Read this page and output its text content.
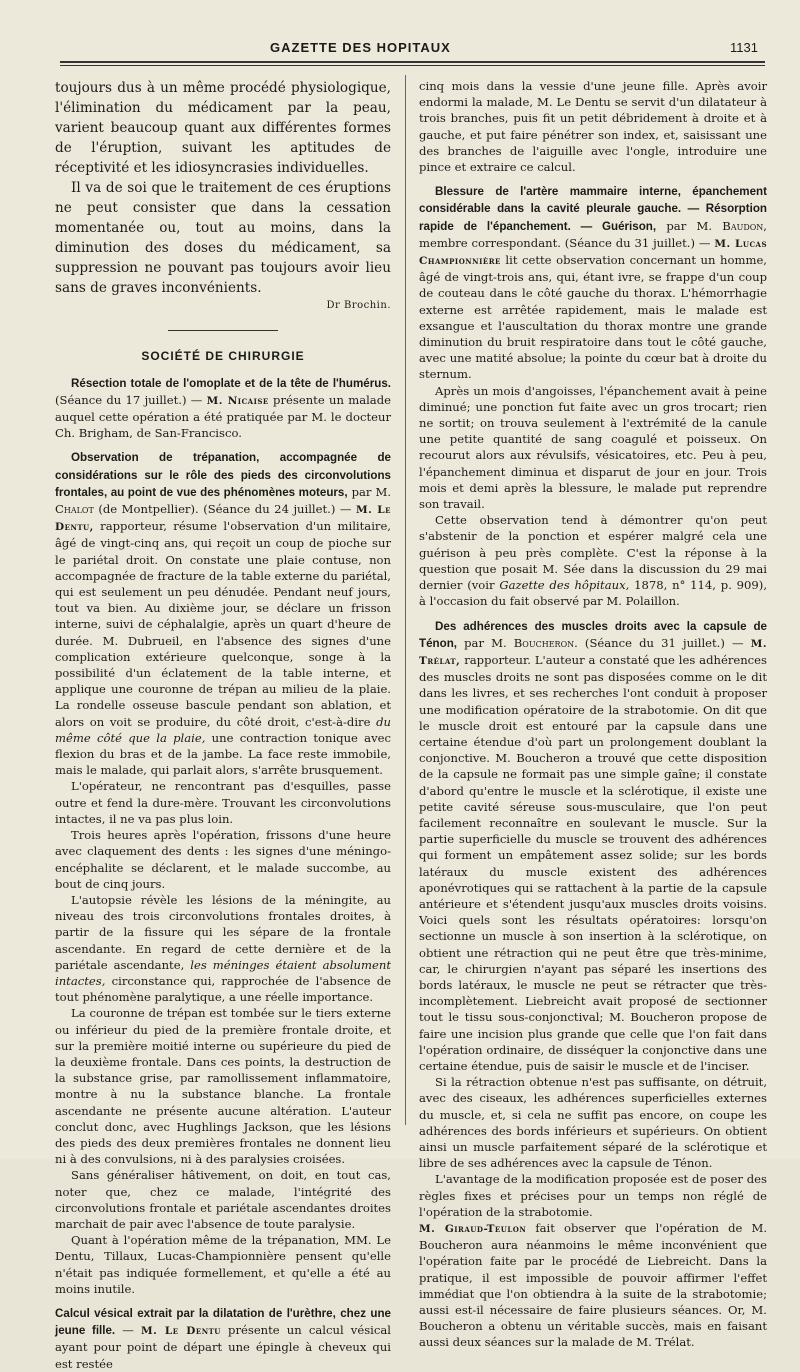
GAZETTE DES HOPITAUX	1131

toujours dus à un même procédé physiologique, l'élimination du médicament par la peau, varient beaucoup quant aux différentes formes de l'éruption, suivant les aptitudes de réceptivité et les idiosyncrasies individuelles.

Il va de soi que le traitement de ces éruptions ne peut consister que dans la cessation momentanée ou, tout au moins, dans la diminution des doses du médicament, sa suppression ne pouvant pas toujours avoir lieu sans de graves inconvénients.

Dr Brochin.
SOCIÉTÉ DE CHIRURGIE

Résection totale de l'omoplate et de la tête de l'humérus. (Séance du 17 juillet.) — M. Nicaise présente un malade auquel cette opération a été pratiquée par M. le docteur Ch. Brigham, de San-Francisco.

Observation de trépanation, accompagnée de considérations sur le rôle des pieds des circonvolutions frontales, au point de vue des phénomènes moteurs, par M. Chalot (de Montpellier). (Séance du 24 juillet.) — M. Le Dentu, rapporteur, résume l'observation d'un militaire, âgé de vingt-cinq ans, qui reçoit un coup de pioche sur le pariétal droit. On constate une plaie contuse, non accompagnée de fracture de la table externe du pariétal, qui est seulement un peu dénudée. Pendant neuf jours, tout va bien. Au dixième jour, se déclare un frisson interne, suivi de céphalalgie, après un quart d'heure de durée. M. Dubrueil, en l'absence des signes d'une complication extérieure quelconque, songe à la possibilité d'un éclatement de la table interne, et applique une couronne de trépan au milieu de la plaie. La rondelle osseuse bascule pendant son ablation, et alors on voit se produire, du côté droit, c'est-à-dire du même côté que la plaie, une contraction tonique avec flexion du bras et de la jambe. La face reste immobile, mais le malade, qui parlait alors, s'arrête brusquement.

L'opérateur, ne rencontrant pas d'esquilles, passe outre et fend la dure-mère. Trouvant les circonvolutions intactes, il ne va pas plus loin.

Trois heures après l'opération, frissons d'une heure avec claquement des dents : les signes d'une méningo-encéphalite se déclarent, et le malade succombe, au bout de cinq jours.

L'autopsie révèle les lésions de la méningite, au niveau des trois circonvolutions frontales droites, à partir de la fissure qui les sépare de la frontale ascendante. En regard de cette dernière et de la pariétale ascendante, les méninges étaient absolument intactes, circonstance qui, rapprochée de l'absence de tout phénomène paralytique, a une réelle importance.

La couronne de trépan est tombée sur le tiers externe ou inférieur du pied de la première frontale droite, et sur la première moitié interne ou supérieure du pied de la deuxième frontale. Dans ces points, la destruction de la substance grise, par ramollissement inflammatoire, montre à nu la substance blanche. La frontale ascendante ne présente aucune altération. L'auteur conclut donc, avec Hughlings Jackson, que les lésions des pieds des deux premières frontales ne donnent lieu ni à des convulsions, ni à des paralysies croisées.

Sans généraliser hâtivement, on doit, en tout cas, noter que, chez ce malade, l'intégrité des circonvolutions frontale et pariétale ascendantes droites marchait de pair avec l'absence de toute paralysie.

Quant à l'opération même de la trépanation, MM. Le Dentu, Tillaux, Lucas-Championnière pensent qu'elle n'était pas indiquée formellement, et qu'elle a été au moins inutile.

Calcul vésical extrait par la dilatation de l'urèthre, chez une jeune fille. — M. Le Dentu présente un calcul vésical ayant pour point de départ une épingle à cheveux qui est restée

cinq mois dans la vessie d'une jeune fille. Après avoir endormi la malade, M. Le Dentu se servit d'un dilatateur à trois branches, puis fit un petit débridement à droite et à gauche, et put faire pénétrer son index, et, saisissant une des branches de l'aiguille avec l'ongle, introduire une pince et extraire ce calcul.

Blessure de l'artère mammaire interne, épanchement considérable dans la cavité pleurale gauche. — Résorption rapide de l'épanchement. — Guérison, par M. Baudon, membre correspondant. (Séance du 31 juillet.) — M. Lucas Championnière lit cette observation concernant un homme, âgé de vingt-trois ans, qui, étant ivre, se frappe d'un coup de couteau dans le côté gauche du thorax. L'hémorrhagie externe est arrêtée rapidement, mais le malade est exsangue et l'auscultation du thorax montre une grande diminution du bruit respiratoire dans tout le côté gauche, avec une matité absolue; la pointe du cœur bat à droite du sternum.

Après un mois d'angoisses, l'épanchement avait à peine diminué; une ponction fut faite avec un gros trocart; rien ne sortit; on trouva seulement à l'extrémité de la canule une petite quantité de sang coagulé et poisseux. On recourut alors aux révulsifs, vésicatoires, etc. Peu à peu, l'épanchement diminua et disparut de jour en jour. Trois mois et demi après la blessure, le malade put reprendre son travail.

Cette observation tend à démontrer qu'on peut s'abstenir de la ponction et espérer malgré cela une guérison à peu près complète. C'est la réponse à la question que posait M. Sée dans la discussion du 29 mai dernier (voir Gazette des hôpitaux, 1878, n° 114, p. 909), à l'occasion du fait observé par M. Polaillon.

Des adhérences des muscles droits avec la capsule de Ténon, par M. Boucheron. (Séance du 31 juillet.) — M. Trélat, rapporteur. L'auteur a constaté que les adhérences des muscles droits ne sont pas disposées comme on le dit dans les livres, et ses recherches l'ont conduit à proposer une modification opératoire de la strabotomie. On dit que le muscle droit est entouré par la capsule dans une certaine étendue d'où part un prolongement doublant la conjonctive. M. Boucheron a trouvé que cette disposition de la capsule ne formait pas une simple gaîne; il constate d'abord qu'entre le muscle et la sclérotique, il existe une petite cavité séreuse sous-musculaire, que l'on peut facilement reconnaître en soulevant le muscle. Sur la partie superficielle du muscle se trouvent des adhérences qui forment un empâtement assez solide; sur les bords latéraux du muscle existent des adhérences aponévrotiques qui se rattachent à la partie de la capsule antérieure et s'étendent jusqu'aux muscles droits voisins. Voici quels sont les résultats opératoires: lorsqu'on sectionne un muscle à son insertion à la sclérotique, on obtient une rétraction qui ne peut être que très-minime, car, le chirurgien n'ayant pas séparé les insertions des bords latéraux, le muscle ne peut se rétracter que très-incomplètement. Liebreicht avait proposé de sectionner tout le tissu sous-conjonctival; M. Boucheron propose de faire une incision plus grande que celle que l'on fait dans l'opération ordinaire, de disséquer la conjonctive dans une certaine étendue, puis de saisir le muscle et de l'inciser.

Si la rétraction obtenue n'est pas suffisante, on détruit, avec des ciseaux, les adhérences superficielles externes du muscle, et, si cela ne suffit pas encore, on coupe les adhérences des bords inférieurs et supérieurs. On obtient ainsi un muscle parfaitement séparé de la sclérotique et libre de ses adhérences avec la capsule de Ténon.

L'avantage de la modification proposée est de poser des règles fixes et précises pour un temps non réglé de l'opération de la strabotomie.

M. Giraud-Teulon fait observer que l'opération de M. Boucheron aura néanmoins le même inconvénient que l'opération faite par le procédé de Liebreicht. Dans la pratique, il est impossible de pouvoir affirmer l'effet immédiat que l'on obtiendra à la suite de la strabotomie; aussi est-il nécessaire de faire plusieurs séances. Or, M. Boucheron a obtenu un véritable succès, mais en faisant aussi deux séances sur la malade de M. Trélat.
